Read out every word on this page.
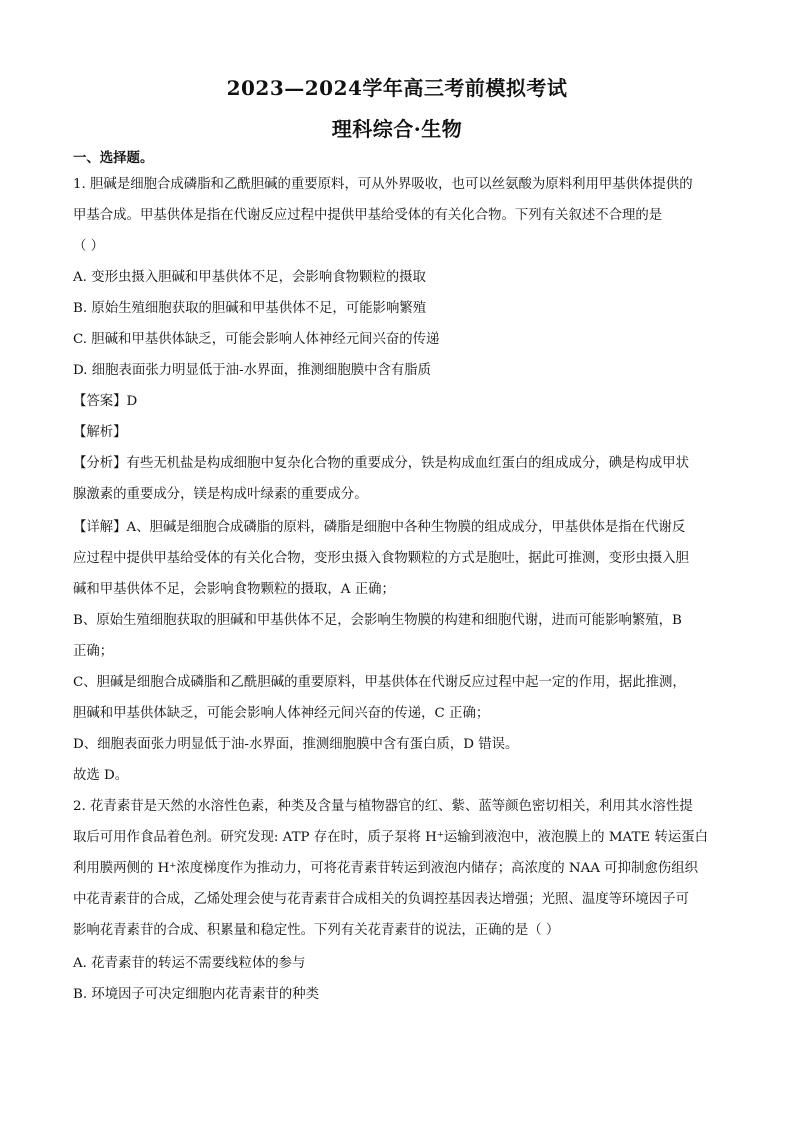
2023—2024学年高三考前模拟考试
理科综合·生物
一、选择题。
1. 胆碱是细胞合成磷脂和乙酰胆碱的重要原料，可从外界吸收，也可以丝氨酸为原料利用甲基供体提供的
甲基合成。甲基供体是指在代谢反应过程中提供甲基给受体的有关化合物。下列有关叙述不合理的是
（ ）
A. 变形虫摄入胆碱和甲基供体不足，会影响食物颗粒的摄取
B. 原始生殖细胞获取的胆碱和甲基供体不足，可能影响繁殖
C. 胆碱和甲基供体缺乏，可能会影响人体神经元间兴奋的传递
D. 细胞表面张力明显低于油-水界面，推测细胞膜中含有脂质
【答案】D
【解析】
【分析】有些无机盐是构成细胞中复杂化合物的重要成分，铁是构成血红蛋白的组成成分，碘是构成甲状
腺激素的重要成分，镁是构成叶绿素的重要成分。
【详解】A、胆碱是细胞合成磷脂的原料，磷脂是细胞中各种生物膜的组成成分，甲基供体是指在代谢反
应过程中提供甲基给受体的有关化合物，变形虫摄入食物颗粒的方式是胞吐，据此可推测，变形虫摄入胆
碱和甲基供体不足，会影响食物颗粒的摄取，A 正确；
B、原始生殖细胞获取的胆碱和甲基供体不足，会影响生物膜的构建和细胞代谢，进而可能影响繁殖，B
正确；
C、胆碱是细胞合成磷脂和乙酰胆碱的重要原料，甲基供体在代谢反应过程中起一定的作用，据此推测，
胆碱和甲基供体缺乏，可能会影响人体神经元间兴奋的传递，C 正确；
D、细胞表面张力明显低于油-水界面，推测细胞膜中含有蛋白质，D 错误。
故选 D。
2. 花青素苷是天然的水溶性色素，种类及含量与植物器官的红、紫、蓝等颜色密切相关，利用其水溶性提
取后可用作食品着色剂。研究发现: ATP 存在时，质子泵将 H⁺运输到液泡中，液泡膜上的 MATE 转运蛋白
利用膜两侧的 H⁺浓度梯度作为推动力，可将花青素苷转运到液泡内储存；高浓度的 NAA 可抑制愈伤组织
中花青素苷的合成，乙烯处理会使与花青素苷合成相关的负调控基因表达增强；光照、温度等环境因子可
影响花青素苷的合成、积累量和稳定性。下列有关花青素苷的说法，正确的是（ ）
A. 花青素苷的转运不需要线粒体的参与
B. 环境因子可决定细胞内花青素苷的种类
